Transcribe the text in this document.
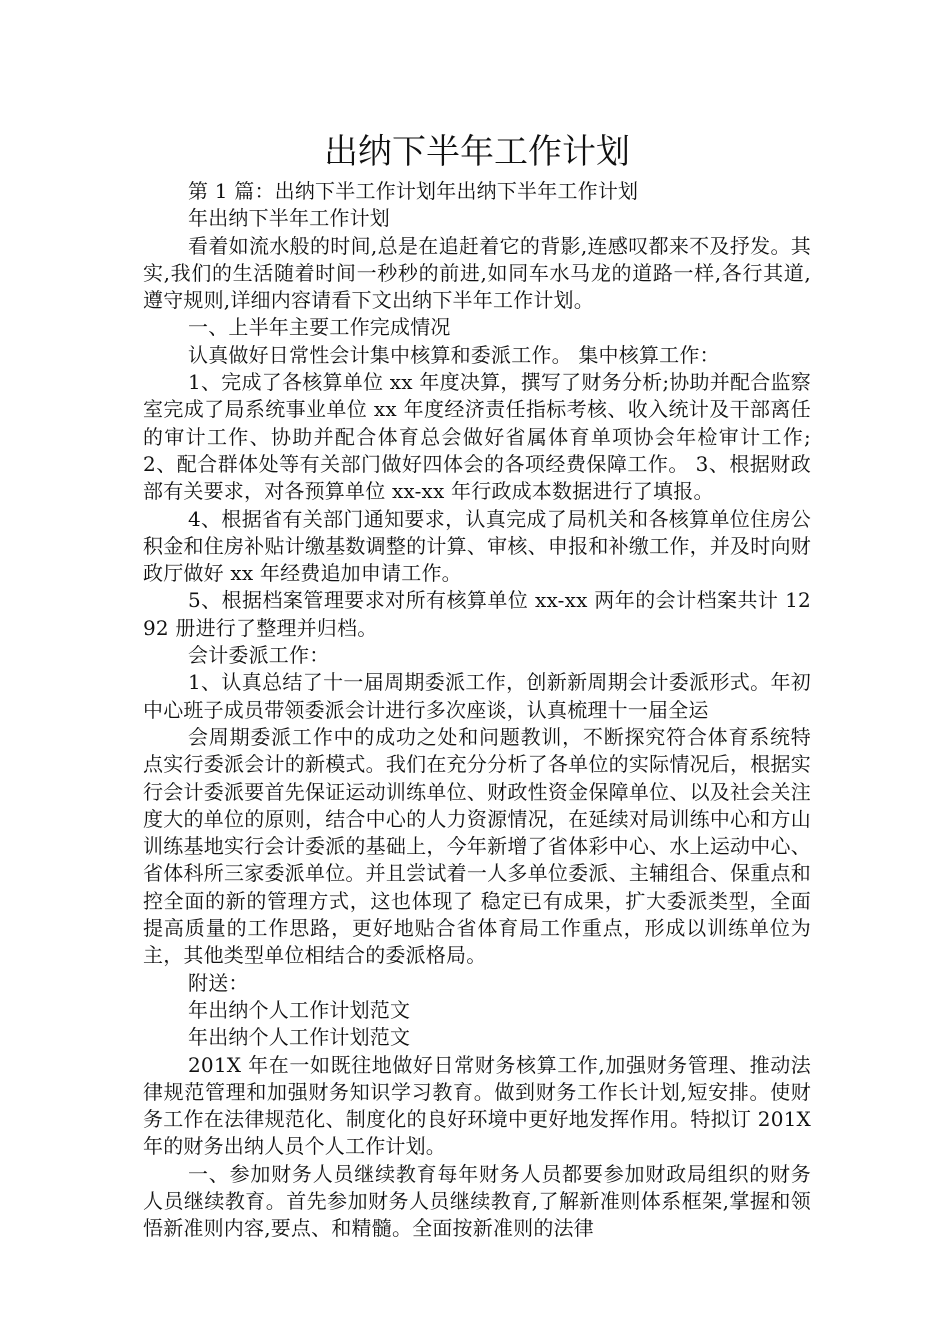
出纳下半年工作计划

第 1 篇：出纳下半工作计划年出纳下半年工作计划

年出纳下半年工作计划

看着如流水般的时间,总是在追赶着它的背影,连感叹都来不及抒发。其实,我们的生活随着时间一秒秒的前进,如同车水马龙的道路一样,各行其道,遵守规则,详细内容请看下文出纳下半年工作计划。

一、上半年主要工作完成情况

认真做好日常性会计集中核算和委派工作。 集中核算工作：

1、完成了各核算单位 xx 年度决算，撰写了财务分析;协助并配合监察室完成了局系统事业单位 xx 年度经济责任指标考核、收入统计及干部离任的审计工作、协助并配合体育总会做好省属体育单项协会年检审计工作; 2、配合群体处等有关部门做好四体会的各项经费保障工作。 3、根据财政部有关要求，对各预算单位 xx-xx 年行政成本数据进行了填报。

4、根据省有关部门通知要求，认真完成了局机关和各核算单位住房公积金和住房补贴计缴基数调整的计算、审核、申报和补缴工作，并及时向财政厅做好 xx 年经费追加申请工作。

5、根据档案管理要求对所有核算单位 xx-xx 两年的会计档案共计 1292 册进行了整理并归档。

会计委派工作：

1、认真总结了十一届周期委派工作，创新新周期会计委派形式。年初中心班子成员带领委派会计进行多次座谈，认真梳理十一届全运

会周期委派工作中的成功之处和问题教训，不断探究符合体育系统特点实行委派会计的新模式。我们在充分分析了各单位的实际情况后，根据实行会计委派要首先保证运动训练单位、财政性资金保障单位、以及社会关注度大的单位的原则，结合中心的人力资源情况，在延续对局训练中心和方山训练基地实行会计委派的基础上，今年新增了省体彩中心、水上运动中心、省体科所三家委派单位。并且尝试着一人多单位委派、主辅组合、保重点和控全面的新的管理方式，这也体现了 稳定已有成果，扩大委派类型，全面提高质量的工作思路，更好地贴合省体育局工作重点，形成以训练单位为主，其他类型单位相结合的委派格局。

附送：

年出纳个人工作计划范文

年出纳个人工作计划范文

201X 年在一如既往地做好日常财务核算工作,加强财务管理、推动法律规范管理和加强财务知识学习教育。做到财务工作长计划,短安排。使财务工作在法律规范化、制度化的良好环境中更好地发挥作用。特拟订 201X 年的财务出纳人员个人工作计划。

一、参加财务人员继续教育每年财务人员都要参加财政局组织的财务人员继续教育。首先参加财务人员继续教育,了解新准则体系框架,掌握和领悟新准则内容,要点、和精髓。全面按新准则的法律
